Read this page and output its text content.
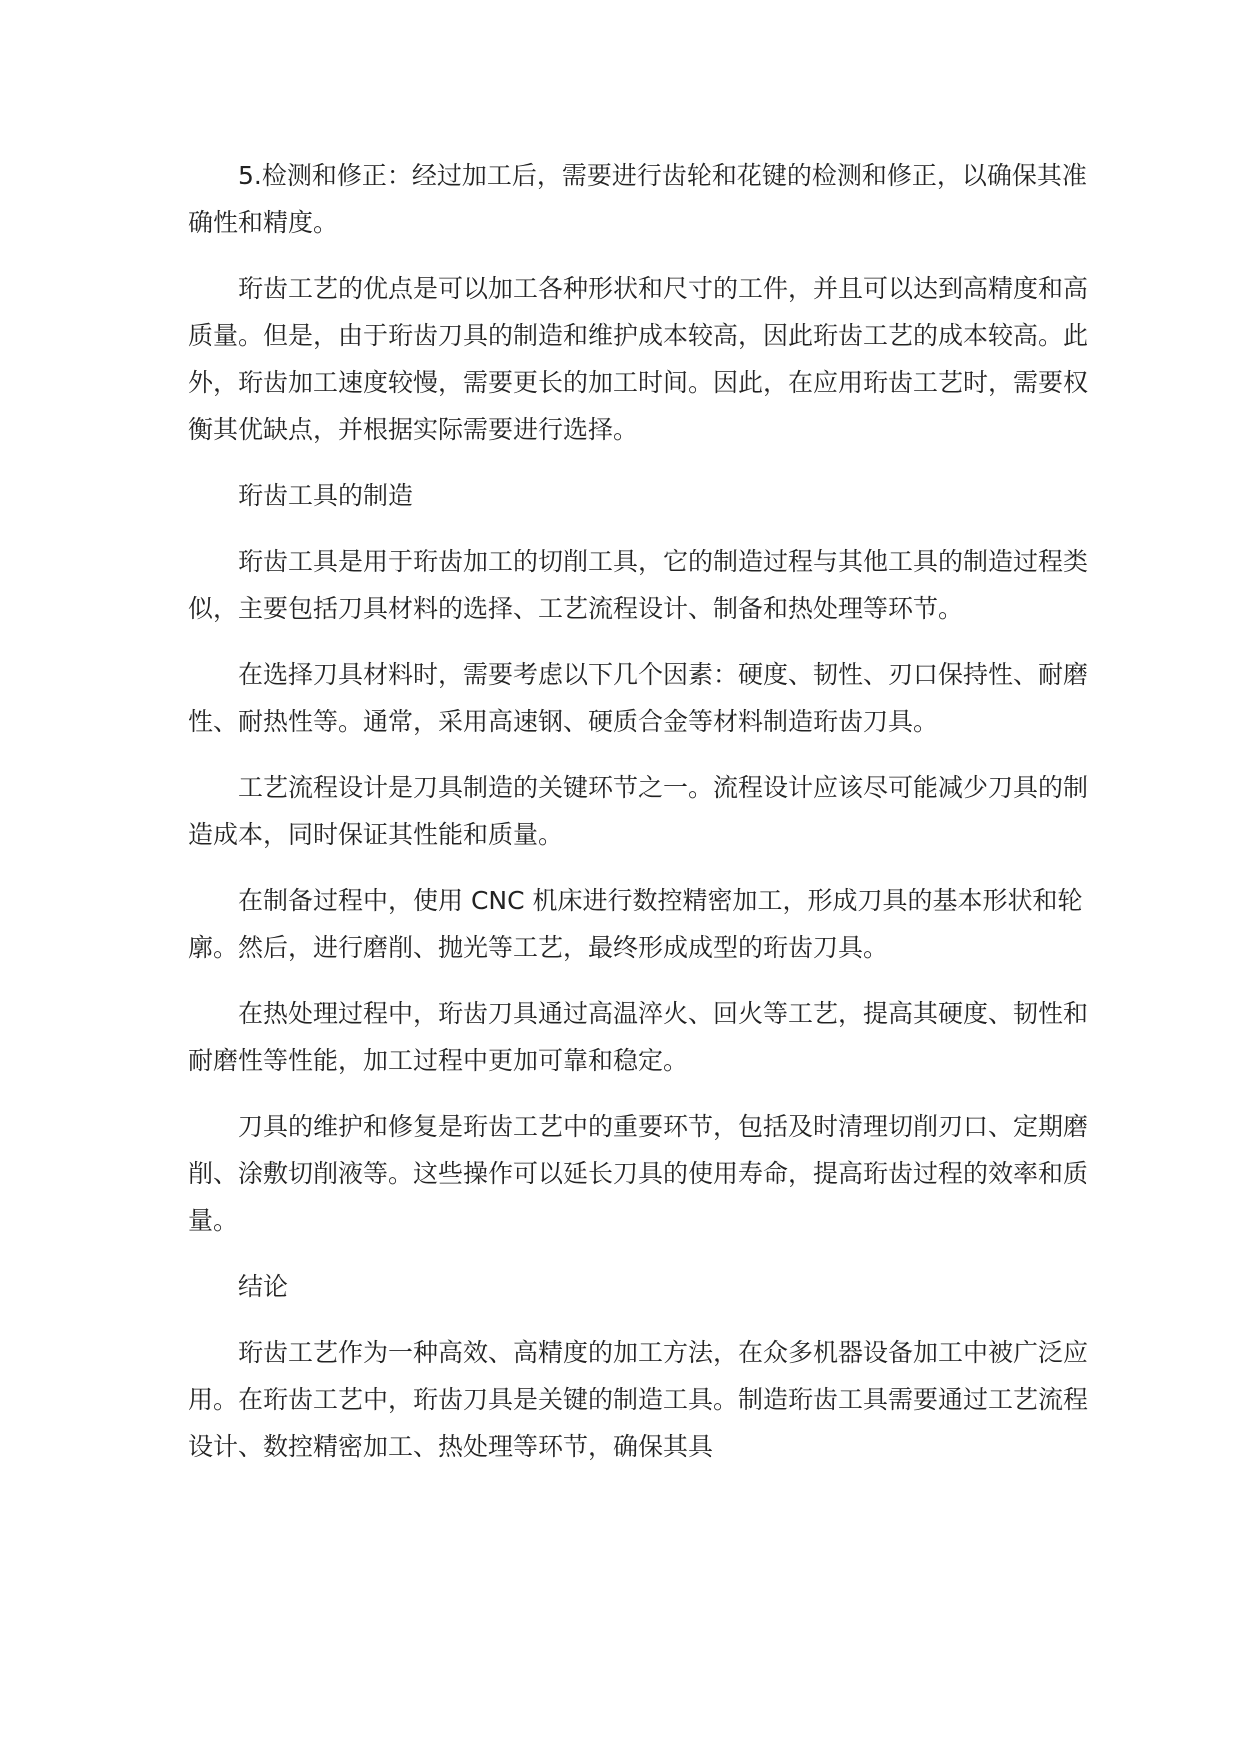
5.检测和修正：经过加工后，需要进行齿轮和花键的检测和修正，以确保其准确性和精度。

珩齿工艺的优点是可以加工各种形状和尺寸的工件，并且可以达到高精度和高质量。但是，由于珩齿刀具的制造和维护成本较高，因此珩齿工艺的成本较高。此外，珩齿加工速度较慢，需要更长的加工时间。因此，在应用珩齿工艺时，需要权衡其优缺点，并根据实际需要进行选择。

珩齿工具的制造

珩齿工具是用于珩齿加工的切削工具，它的制造过程与其他工具的制造过程类似，主要包括刀具材料的选择、工艺流程设计、制备和热处理等环节。

在选择刀具材料时，需要考虑以下几个因素：硬度、韧性、刃口保持性、耐磨性、耐热性等。通常，采用高速钢、硬质合金等材料制造珩齿刀具。

工艺流程设计是刀具制造的关键环节之一。流程设计应该尽可能减少刀具的制造成本，同时保证其性能和质量。

在制备过程中，使用 CNC 机床进行数控精密加工，形成刀具的基本形状和轮廓。然后，进行磨削、抛光等工艺，最终形成成型的珩齿刀具。

在热处理过程中，珩齿刀具通过高温淬火、回火等工艺，提高其硬度、韧性和耐磨性等性能，加工过程中更加可靠和稳定。

刀具的维护和修复是珩齿工艺中的重要环节，包括及时清理切削刃口、定期磨削、涂敷切削液等。这些操作可以延长刀具的使用寿命，提高珩齿过程的效率和质量。

结论

珩齿工艺作为一种高效、高精度的加工方法，在众多机器设备加工中被广泛应用。在珩齿工艺中，珩齿刀具是关键的制造工具。制造珩齿工具需要通过工艺流程设计、数控精密加工、热处理等环节，确保其具
